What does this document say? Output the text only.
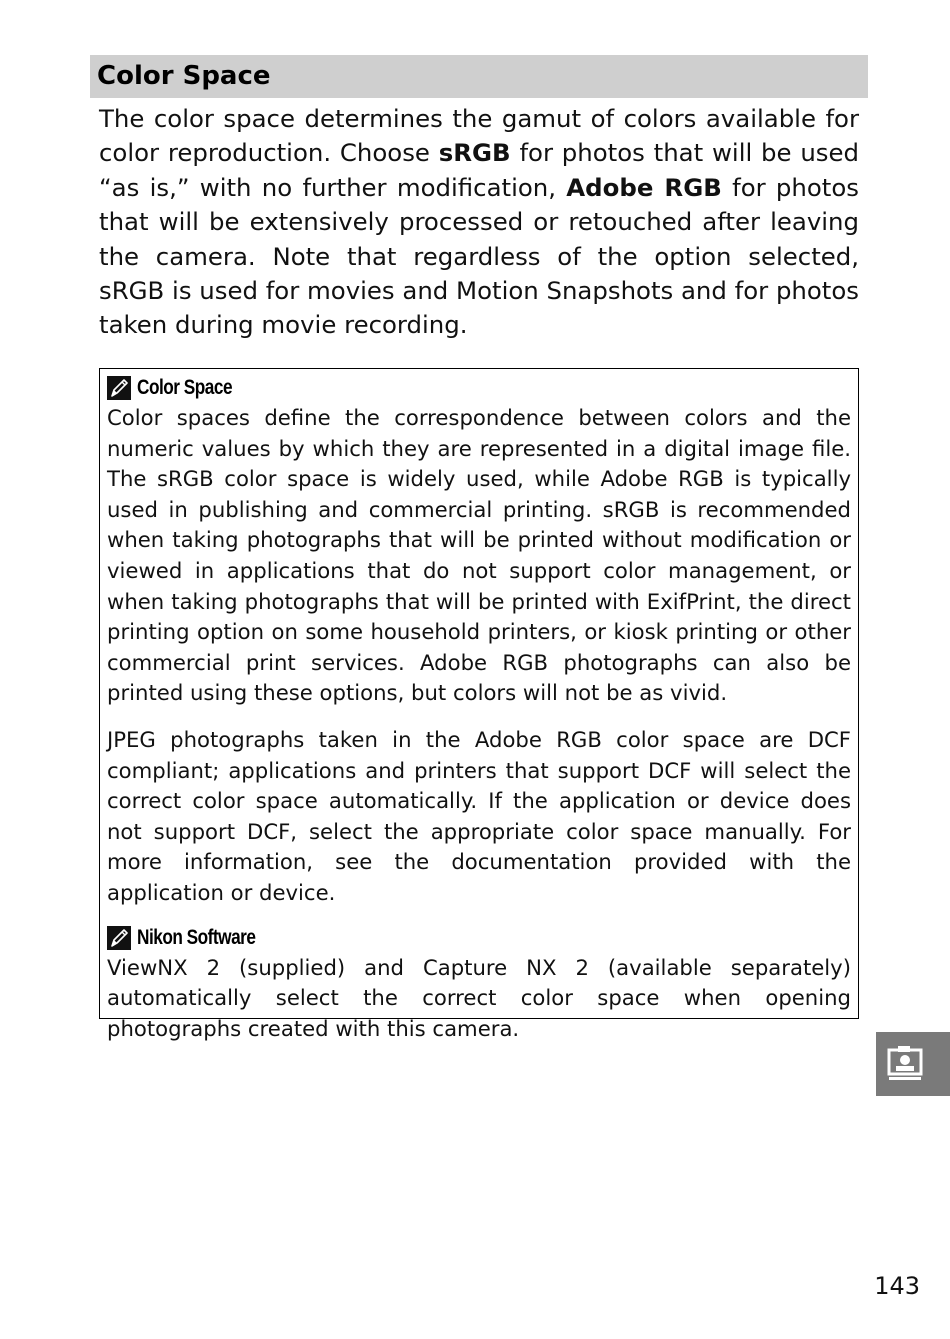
Color Space

The color space determines the gamut of colors available for color reproduction. Choose sRGB for photos that will be used “as is,” with no further modification, Adobe RGB for photos that will be extensively processed or retouched after leaving the camera. Note that regardless of the option selected, sRGB is used for movies and Motion Snapshots and for photos taken during movie recording.

Color Space

Color spaces define the correspondence between colors and the numeric values by which they are represented in a digital image file. The sRGB color space is widely used, while Adobe RGB is typically used in publishing and commercial printing. sRGB is recommended when taking photographs that will be printed without modification or viewed in applications that do not support color management, or when taking photographs that will be printed with ExifPrint, the direct printing option on some household printers, or kiosk printing or other commercial print services. Adobe RGB photographs can also be printed using these options, but colors will not be as vivid.

JPEG photographs taken in the Adobe RGB color space are DCF compliant; applications and printers that support DCF will select the correct color space automatically. If the application or device does not support DCF, select the appropriate color space manually. For more information, see the documentation provided with the application or device.

Nikon Software

ViewNX 2 (supplied) and Capture NX 2 (available separately) automatically select the correct color space when opening photographs created with this camera.

143
